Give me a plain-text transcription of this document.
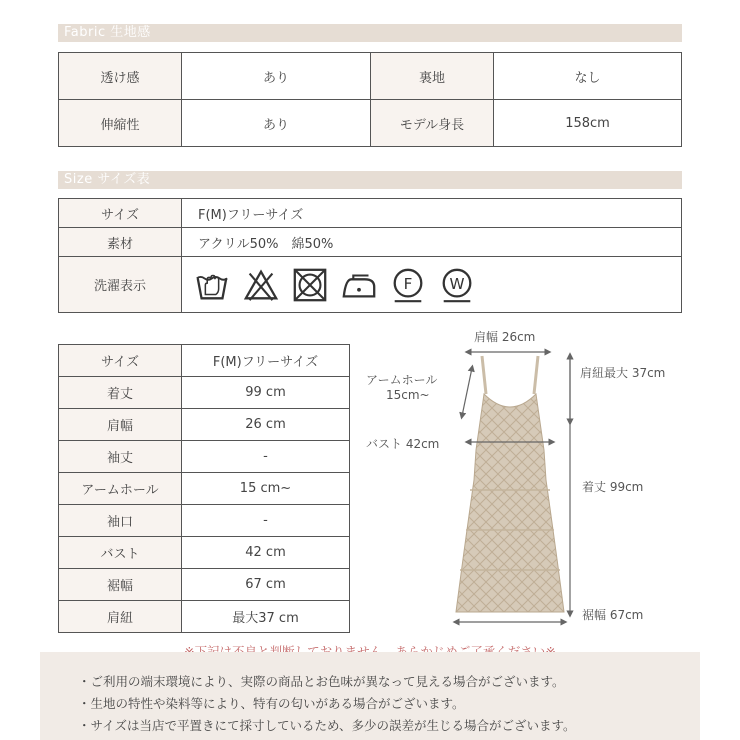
Fabric 生地感
透け感	あり	裏地	なし
伸縮性	あり	モデル身長	158cm
Size サイズ表
サイズ	F(M)フリーサイズ
素材	アクリル50%　綿50%
洗濯表示	F W
サイズ	F(M)フリーサイズ
着丈	99 cm
肩幅	26 cm
袖丈	-
アームホール	15 cm~
袖口	-
バスト	42 cm
裾幅	67 cm
肩紐	最大37 cm
肩幅 26cm
アームホール
15cm~
バスト 42cm
肩紐最大 37cm
着丈 99cm
裾幅 67cm

・ご利用の端末環境により、実際の商品とお色味が異なって見える場合がございます。

・生地の特性や染料等により、特有の匂いがある場合がございます。

・サイズは当店で平置きにて採寸しているため、多少の誤差が生じる場合がございます。
